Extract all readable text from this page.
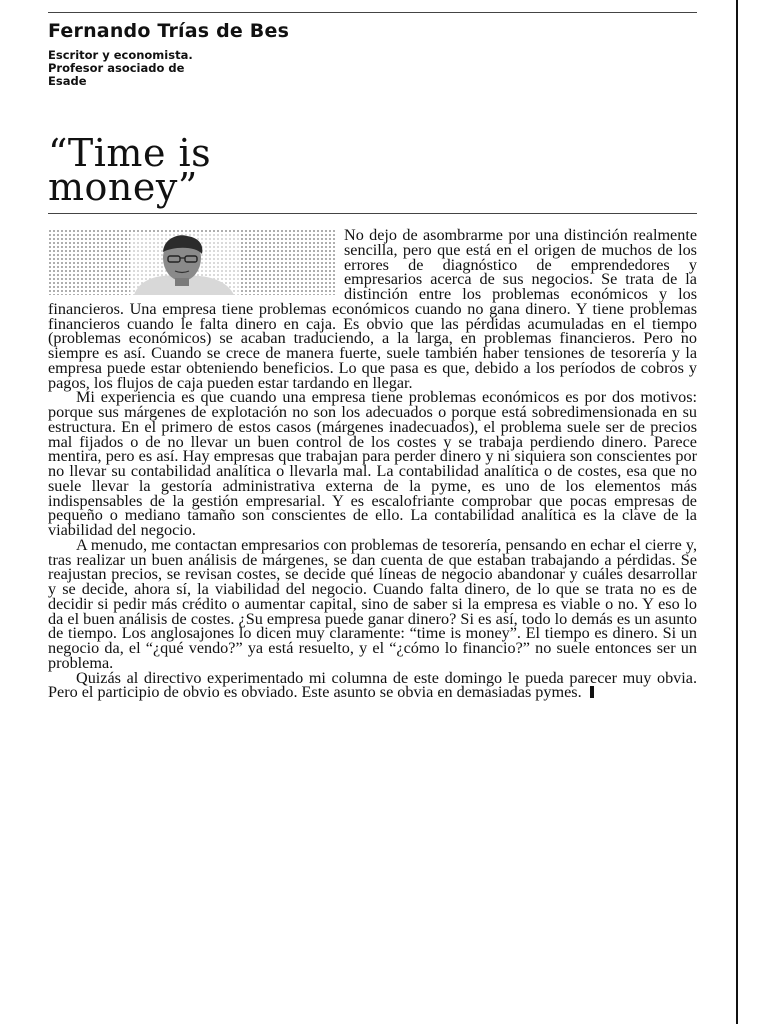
Fernando Trías de Bes
Escritor y economista.
Profesor asociado de
Esade
“Time is
money”

No dejo de asombrarme por una distinción realmente sencilla, pero que está en el origen de muchos de los errores de diagnóstico de emprendedores y empresarios acerca de sus negocios. Se trata de la distinción entre los problemas económicos y los financieros. Una empresa tiene problemas económicos cuando no gana dinero. Y tiene problemas financieros cuando le falta dinero en caja. Es obvio que las pérdidas acumuladas en el tiempo (problemas económicos) se acaban traduciendo, a la larga, en problemas financieros. Pero no siempre es así. Cuando se crece de manera fuerte, suele también haber tensiones de tesorería y la empresa puede estar obteniendo beneficios. Lo que pasa es que, debido a los períodos de cobros y pagos, los flujos de caja pueden estar tardando en llegar.

Mi experiencia es que cuando una empresa tiene problemas económicos es por dos motivos: porque sus márgenes de explotación no son los adecuados o porque está sobredimensionada en su estructura. En el primero de estos casos (márgenes inadecuados), el problema suele ser de precios mal fijados o de no llevar un buen control de los costes y se trabaja perdiendo dinero. Parece mentira, pero es así. Hay empresas que trabajan para perder dinero y ni siquiera son conscientes por no llevar su contabilidad analítica o llevarla mal. La contabilidad analítica o de costes, esa que no suele llevar la gestoría administrativa externa de la pyme, es uno de los elementos más indispensables de la gestión empresarial. Y es escalofriante comprobar que pocas empresas de pequeño o mediano tamaño son conscientes de ello. La contabilidad analítica es la clave de la viabilidad del negocio.

A menudo, me contactan empresarios con problemas de tesorería, pensando en echar el cierre y, tras realizar un buen análisis de márgenes, se dan cuenta de que estaban trabajando a pérdidas. Se reajustan precios, se revisan costes, se decide qué líneas de negocio abandonar y cuáles desarrollar y se decide, ahora sí, la viabilidad del negocio. Cuando falta dinero, de lo que se trata no es de decidir si pedir más crédito o aumentar capital, sino de saber si la empresa es viable o no. Y eso lo da el buen análisis de costes. ¿Su empresa puede ganar dinero? Si es así, todo lo demás es un asunto de tiempo. Los anglosajones lo dicen muy claramente: “time is money”. El tiempo es dinero. Si un negocio da, el “¿qué vendo?” ya está resuelto, y el “¿cómo lo financio?” no suele entonces ser un problema.

Quizás al directivo experimentado mi columna de este domingo le pueda parecer muy obvia. Pero el participio de obvio es obviado. Este asunto se obvia en demasiadas pymes.
